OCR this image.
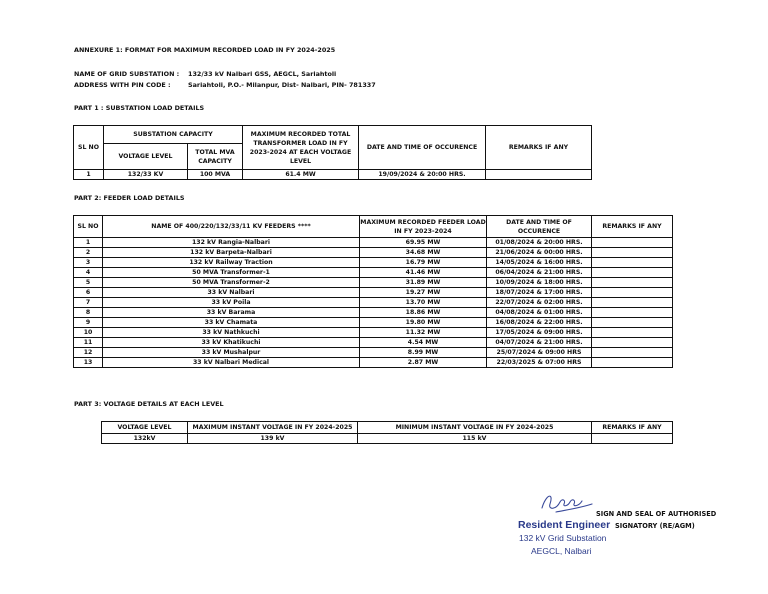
ANNEXURE 1: FORMAT FOR MAXIMUM RECORDED LOAD IN FY 2024-2025
NAME OF GRID SUBSTATION : 132/33 kV Nalbari GSS, AEGCL, Sariahtoli
ADDRESS WITH PIN CODE :	Sariahtoli, P.O.- Milanpur, Dist- Nalbari, PIN- 781337
PART 1 : SUBSTATION LOAD DETAILS
SL NO	SUBSTATION CAPACITY		MAXIMUM RECORDED TOTAL TRANSFORMER LOAD IN FY 2023-2024 AT EACH VOLTAGE LEVEL	DATE AND TIME OF OCCURENCE	REMARKS IF ANY
	VOLTAGE LEVEL	TOTAL MVA CAPACITY			
1	132/33 KV	100 MVA	61.4 MW	19/09/2024 & 20:00 HRS.	
PART 2: FEEDER LOAD DETAILS
SL NO	NAME OF 400/220/132/33/11 KV FEEDERS ****	MAXIMUM RECORDED FEEDER LOAD IN FY 2023-2024	DATE AND TIME OF OCCURENCE	REMARKS IF ANY
1	132 kV Rangia-Nalbari	69.95 MW	01/08/2024 & 20:00 HRS.	
2	132 kV Barpeta-Nalbari	34.68 MW	21/06/2024 & 00:00 HRS.	
3	132 kV Railway Traction	16.79 MW	14/05/2024 & 16:00 HRS.	
4	50 MVA Transformer-1	41.46 MW	06/04/2024 & 21:00 HRS.	
5	50 MVA Transformer-2	31.89 MW	10/09/2024 & 18:00 HRS.	
6	33 kV Nalbari	19.27 MW	18/07/2024 & 17:00 HRS.	
7	33 kV Poila	13.70 MW	22/07/2024 & 02:00 HRS.	
8	33 kV Barama	18.86 MW	04/08/2024 & 01:00 HRS.	
9	33 kV Chamata	19.80 MW	16/08/2024 & 22:00 HRS.	
10	33 kV Nathkuchi	11.32 MW	17/05/2024 & 09:00 HRS.	
11	33 kV Khatikuchi	4.54 MW	04/07/2024 & 21:00 HRS.	
12	33 kV Mushalpur	8.99 MW	25/07/2024 & 09:00 HRS	
13	33 kV Nalbari Medical	2.87 MW	22/03/2025 & 07:00 HRS	
PART 3: VOLTAGE DETAILS AT EACH LEVEL
VOLTAGE LEVEL	MAXIMUM INSTANT VOLTAGE IN FY 2024-2025	MINIMUM INSTANT VOLTAGE IN FY 2024-2025	REMARKS IF ANY
132kV	139 kV	115 kV	
SIGN AND SEAL OF AUTHORISED
SIGNATORY (RE/AGM)
Resident Engineer
132 kV Grid Substation
AEGCL, Nalbari
